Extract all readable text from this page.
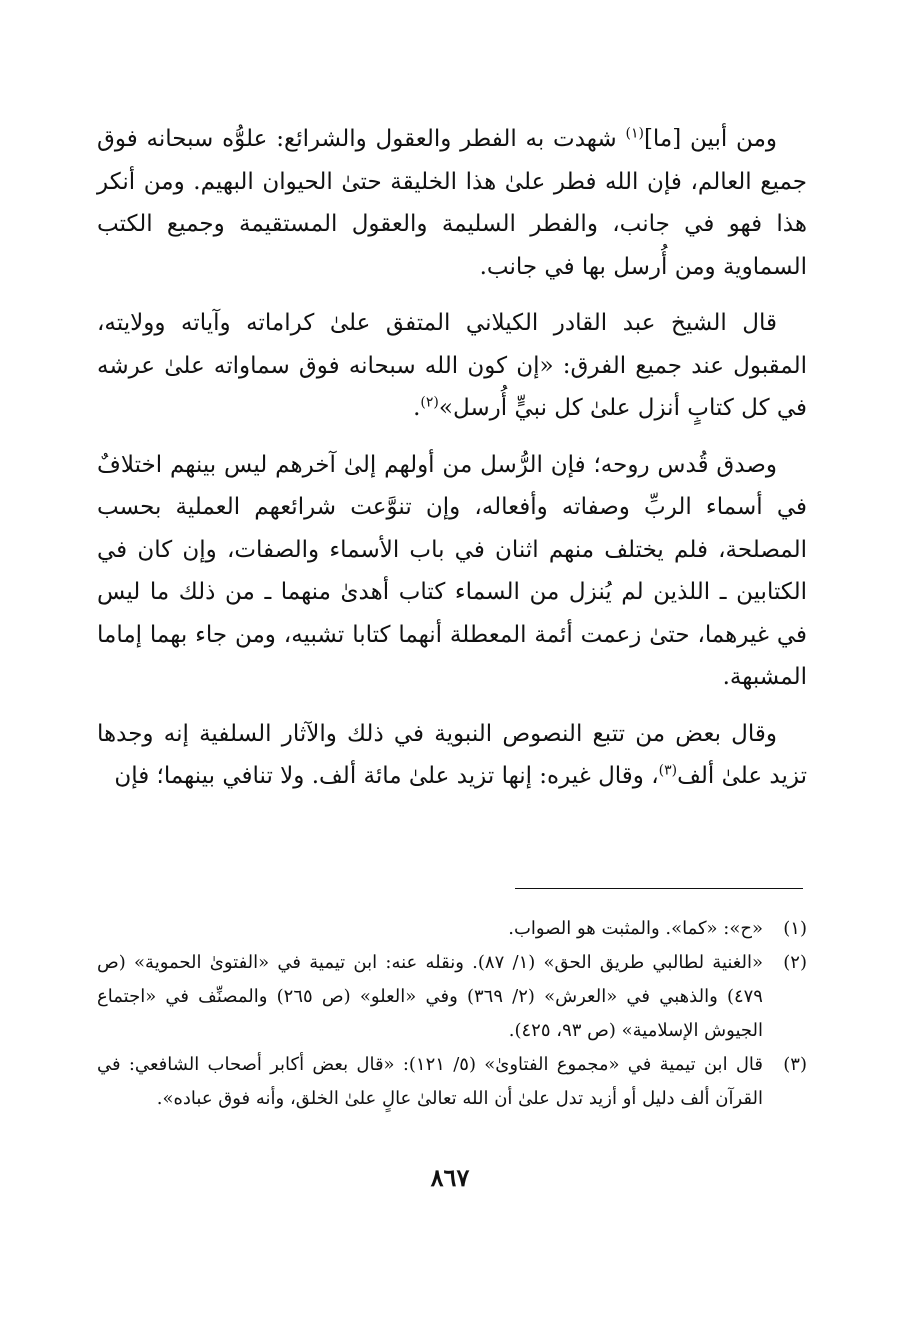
ومن أبين [ما]$^{(١)}$ شهدت به الفطر والعقول والشرائع: علوُّه سبحانه فوق جميع العالم، فإن الله فطر علىٰ هذا الخليقة حتىٰ الحيوان البهيم. ومن أنكر هذا فهو في جانب، والفطر السليمة والعقول المستقيمة وجميع الكتب السماوية ومن أُرسل بها في جانب.

قال الشيخ عبد القادر الكيلاني المتفق علىٰ كراماته وآياته وولايته، المقبول عند جميع الفرق: «إن كون الله سبحانه فوق سماواته علىٰ عرشه في كل كتابٍ أنزل علىٰ كل نبيٍّ أُرسل»$^{(٢)}$.

وصدق قُدس روحه؛ فإن الرُّسل من أولهم إلىٰ آخرهم ليس بينهم اختلافٌ في أسماء الربِّ وصفاته وأفعاله، وإن تنوَّعت شرائعهم العملية بحسب المصلحة، فلم يختلف منهم اثنان في باب الأسماء والصفات، وإن كان في الكتابين ـ اللذين لم يُنزل من السماء كتاب أهدىٰ منهما ـ من ذلك ما ليس في غيرهما، حتىٰ زعمت أئمة المعطلة أنهما كتابا تشبيه، ومن جاء بهما إماما المشبهة.

وقال بعض من تتبع النصوص النبوية في ذلك والآثار السلفية إنه وجدها تزيد علىٰ ألف$^{(٣)}$، وقال غيره: إنها تزيد علىٰ مائة ألف. ولا تنافي بينهما؛ فإن

(١)
«ح»: «كما». والمثبت هو الصواب.
(٢)
«الغنية لطالبي طريق الحق» (١/ ٨٧). ونقله عنه: ابن تيمية في «الفتوىٰ الحموية» (ص ٤٧٩) والذهبي في «العرش» (٢/ ٣٦٩) وفي «العلو» (ص ٢٦٥) والمصنِّف في «اجتماع الجيوش الإسلامية» (ص ٩٣، ٤٢٥).
(٣)
قال ابن تيمية في «مجموع الفتاوىٰ» (٥/ ١٢١): «قال بعض أكابر أصحاب الشافعي: في القرآن ألف دليل أو أزيد تدل علىٰ أن الله تعالىٰ عالٍ علىٰ الخلق، وأنه فوق عباده».
٨٦٧
